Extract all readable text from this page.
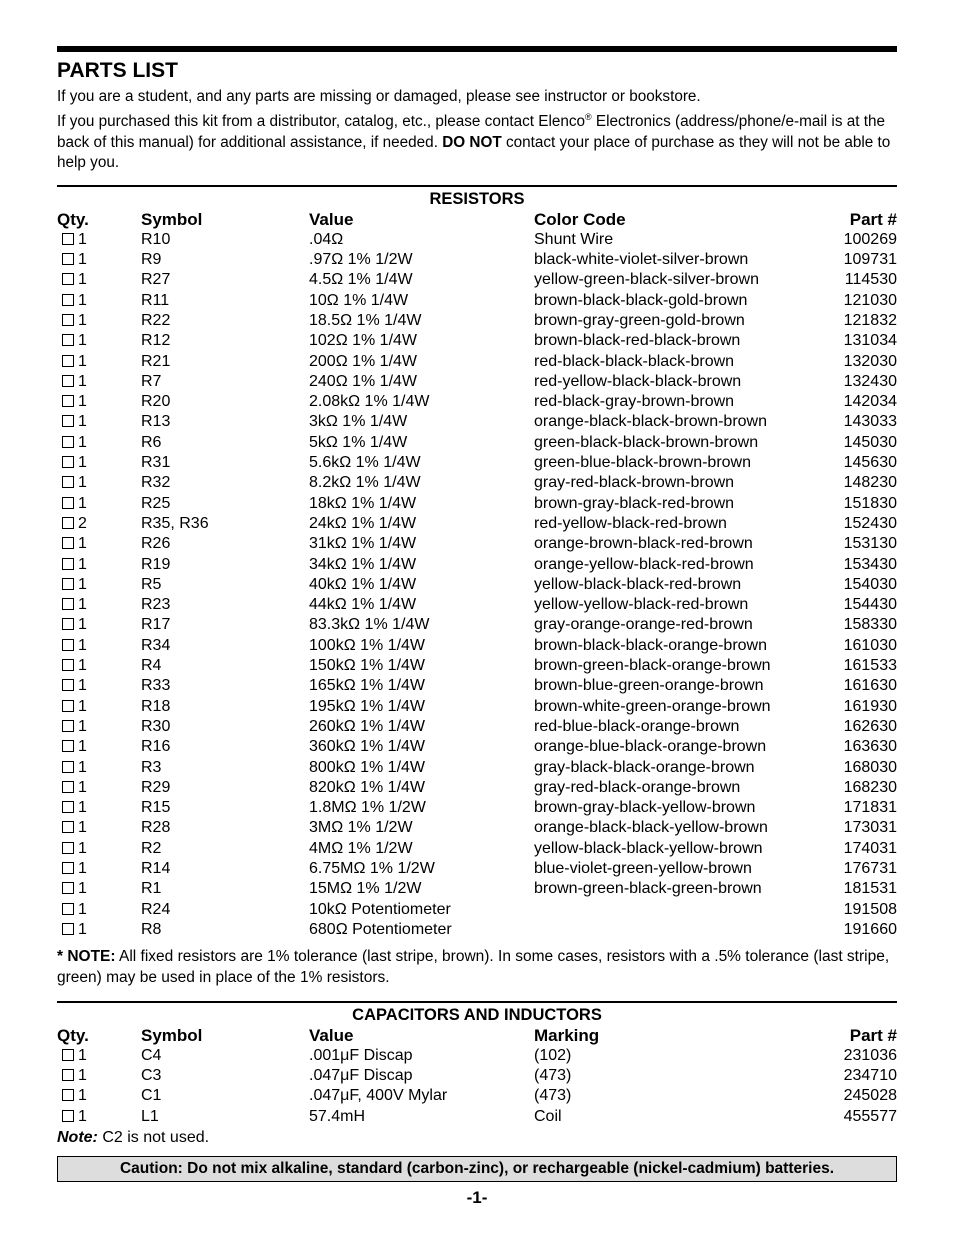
PARTS LIST

If you are a student, and any parts are missing or damaged, please see instructor or bookstore.

If you purchased this kit from a distributor, catalog, etc., please contact Elenco® Electronics (address/phone/e-mail is at the back of this manual) for additional assistance, if needed. DO NOT contact your place of purchase as they will not be able to help you.

RESISTORS
Qty.	Symbol	Value	Color Code	Part #
1	R10	.04Ω	Shunt Wire	100269
1	R9	.97Ω 1% 1/2W	black-white-violet-silver-brown	109731
1	R27	4.5Ω 1% 1/4W	yellow-green-black-silver-brown	114530
1	R11	10Ω 1% 1/4W	brown-black-black-gold-brown	121030
1	R22	18.5Ω 1% 1/4W	brown-gray-green-gold-brown	121832
1	R12	102Ω 1% 1/4W	brown-black-red-black-brown	131034
1	R21	200Ω 1% 1/4W	red-black-black-black-brown	132030
1	R7	240Ω 1% 1/4W	red-yellow-black-black-brown	132430
1	R20	2.08kΩ 1% 1/4W	red-black-gray-brown-brown	142034
1	R13	3kΩ 1% 1/4W	orange-black-black-brown-brown	143033
1	R6	5kΩ 1% 1/4W	green-black-black-brown-brown	145030
1	R31	5.6kΩ 1% 1/4W	green-blue-black-brown-brown	145630
1	R32	8.2kΩ 1% 1/4W	gray-red-black-brown-brown	148230
1	R25	18kΩ 1% 1/4W	brown-gray-black-red-brown	151830
2	R35, R36	24kΩ 1% 1/4W	red-yellow-black-red-brown	152430
1	R26	31kΩ 1% 1/4W	orange-brown-black-red-brown	153130
1	R19	34kΩ 1% 1/4W	orange-yellow-black-red-brown	153430
1	R5	40kΩ 1% 1/4W	yellow-black-black-red-brown	154030
1	R23	44kΩ 1% 1/4W	yellow-yellow-black-red-brown	154430
1	R17	83.3kΩ 1% 1/4W	gray-orange-orange-red-brown	158330
1	R34	100kΩ 1% 1/4W	brown-black-black-orange-brown	161030
1	R4	150kΩ 1% 1/4W	brown-green-black-orange-brown	161533
1	R33	165kΩ 1% 1/4W	brown-blue-green-orange-brown	161630
1	R18	195kΩ 1% 1/4W	brown-white-green-orange-brown	161930
1	R30	260kΩ 1% 1/4W	red-blue-black-orange-brown	162630
1	R16	360kΩ 1% 1/4W	orange-blue-black-orange-brown	163630
1	R3	800kΩ 1% 1/4W	gray-black-black-orange-brown	168030
1	R29	820kΩ 1% 1/4W	gray-red-black-orange-brown	168230
1	R15	1.8MΩ 1% 1/2W	brown-gray-black-yellow-brown	171831
1	R28	3MΩ 1% 1/2W	orange-black-black-yellow-brown	173031
1	R2	4MΩ 1% 1/2W	yellow-black-black-yellow-brown	174031
1	R14	6.75MΩ 1% 1/2W	blue-violet-green-yellow-brown	176731
1	R1	15MΩ 1% 1/2W	brown-green-black-green-brown	181531
1	R24	10kΩ Potentiometer		191508
1	R8	680Ω Potentiometer		191660
* NOTE: All fixed resistors are 1% tolerance (last stripe, brown). In some cases, resistors with a .5% tolerance (last stripe, green) may be used in place of the 1% resistors.
CAPACITORS AND INDUCTORS
Qty.	Symbol	Value	Marking	Part #
1	C4	.001μF Discap	(102)	231036
1	C3	.047μF Discap	(473)	234710
1	C1	.047μF, 400V Mylar	(473)	245028
1	L1	57.4mH	Coil	455577
Note: C2 is not used.
Caution: Do not mix alkaline, standard (carbon-zinc), or rechargeable (nickel-cadmium) batteries.
-1-
